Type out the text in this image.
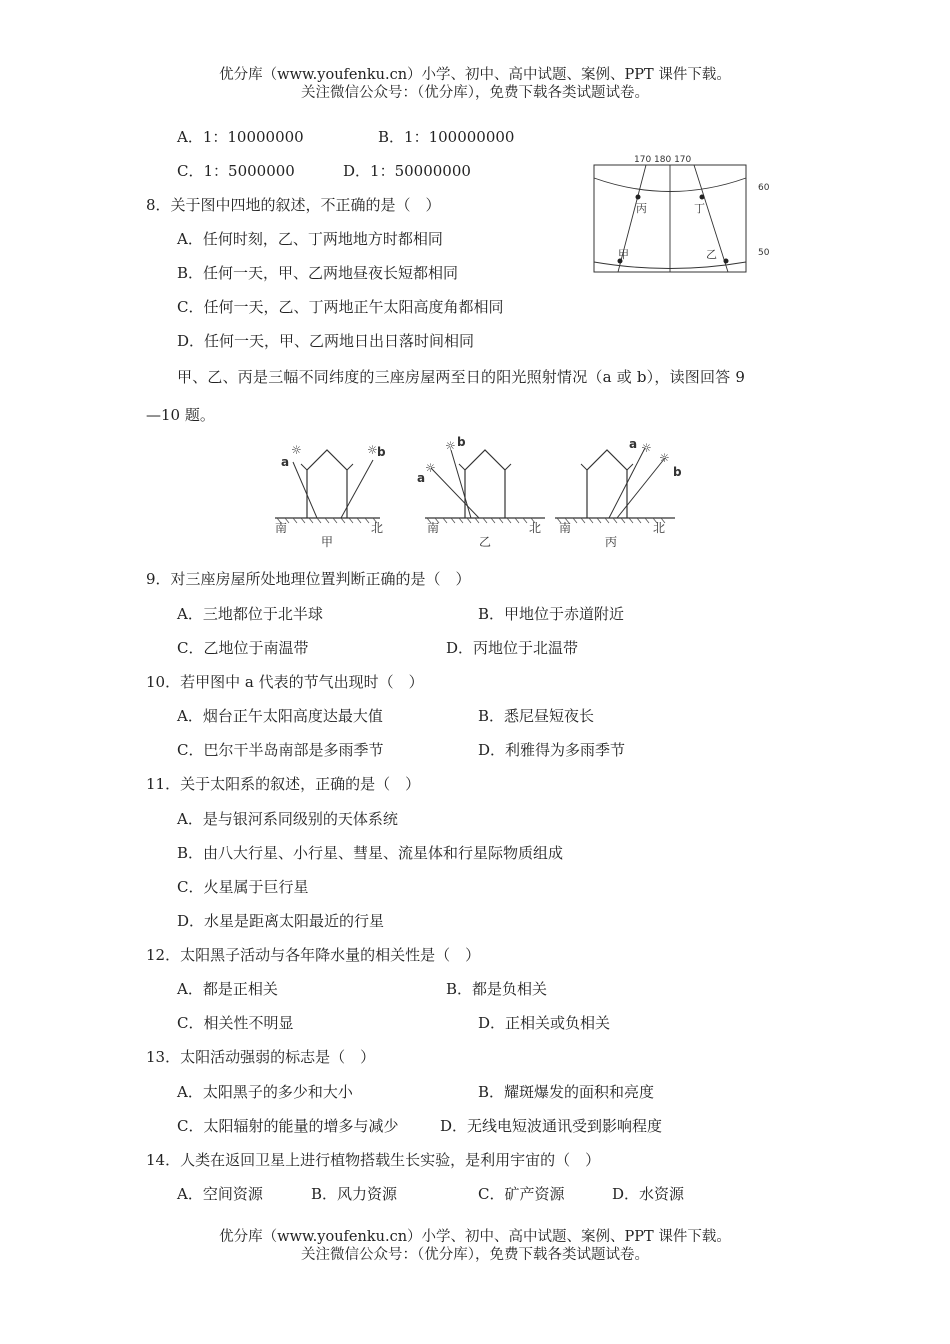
优分库（www.youfenku.cn）小学、初中、高中试题、案例、PPT 课件下载。
关注微信公众号：（优分库），免费下载各类试题试卷。
A．1：10000000	B．1：100000000
C．1：5000000	D．1：50000000
8．关于图中四地的叙述，不正确的是（　）
A．任何时刻，乙、丁两地地方时都相同
B．任何一天，甲、乙两地昼夜长短都相同
C．任何一天，乙、丁两地正午太阳高度角都相同
D．任何一天，甲、乙两地日出日落时间相同
170 180 170
丙	丁
甲	乙
60
50
甲、乙、丙是三幅不同纬度的三座房屋两至日的阳光照射情况（a 或 b），读图回答 9
—10 题。
☼	☼
a
b
南	北
甲
☼
☼
a
b
南	北
乙
☼
☼
a
b
南	北
丙
9．对三座房屋所处地理位置判断正确的是（　）
A．三地都位于北半球	B．甲地位于赤道附近
C．乙地位于南温带	D．丙地位于北温带
10．若甲图中 a 代表的节气出现时（　）
A．烟台正午太阳高度达最大值	B．悉尼昼短夜长
C．巴尔干半岛南部是多雨季节	D．利雅得为多雨季节
11．关于太阳系的叙述，正确的是（　）
A．是与银河系同级别的天体系统
B．由八大行星、小行星、彗星、流星体和行星际物质组成
C．火星属于巨行星
D．水星是距离太阳最近的行星
12．太阳黑子活动与各年降水量的相关性是（　）
A．都是正相关	B．都是负相关
C．相关性不明显	D．正相关或负相关
13．太阳活动强弱的标志是（　）
A．太阳黑子的多少和大小	B．耀斑爆发的面积和亮度
C．太阳辐射的能量的增多与减少	D．无线电短波通讯受到影响程度
14．人类在返回卫星上进行植物搭载生长实验，是利用宇宙的（　）
A．空间资源	B．风力资源	C．矿产资源	D．水资源
优分库（www.youfenku.cn）小学、初中、高中试题、案例、PPT 课件下载。
关注微信公众号：（优分库），免费下载各类试题试卷。
